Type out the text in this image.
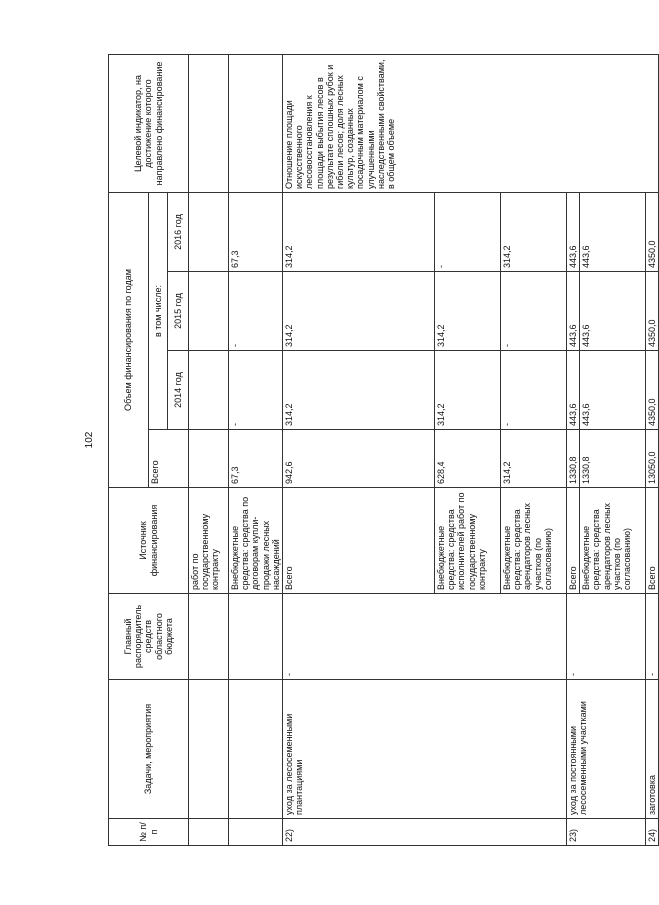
102
№ п/п	Задачи, мероприятия	Главный распорядитель средств областного бюджета	Источник финансирования	Объем финансирования по годам				Целевой индикатор, на достижение которого направлено финансирование	
				Всего	в том числе:				
					2014 год	2015 год	2016 год		
			работ по государственному контракту						
			Внебюджетные средства: средства по договорам купли-продажи лесных насаждений	67,3	-	-	67,3		
22)	уход за лесосеменными плантациями	-	Всего	942,6	314,2	314,2	314,2	Отношение площади искусственного лесовосстановления к площади выбытия лесов в результате сплошных рубок и гибели лесов; доля лесных культур, созданных посадочным материалом с улучшенными наследственными свойствами, в общем объеме	
			Внебюджетные средства: средства исполнителей работ по государственному контракту	628,4	314,2	314,2	-		
			Внебюджетные средства: средства арендаторов лесных участков (по согласованию)	314,2	-	-	314,2		
23)	уход за постоянными лесосеменными участками	-	Всего	1330,8	443,6	443,6	443,6		
			Внебюджетные средства: средства арендаторов лесных участков (по согласованию)	1330,8	443,6	443,6	443,6		
24)	заготовка	-	Всего	13050,0	4350,0	4350,0	4350,0		
